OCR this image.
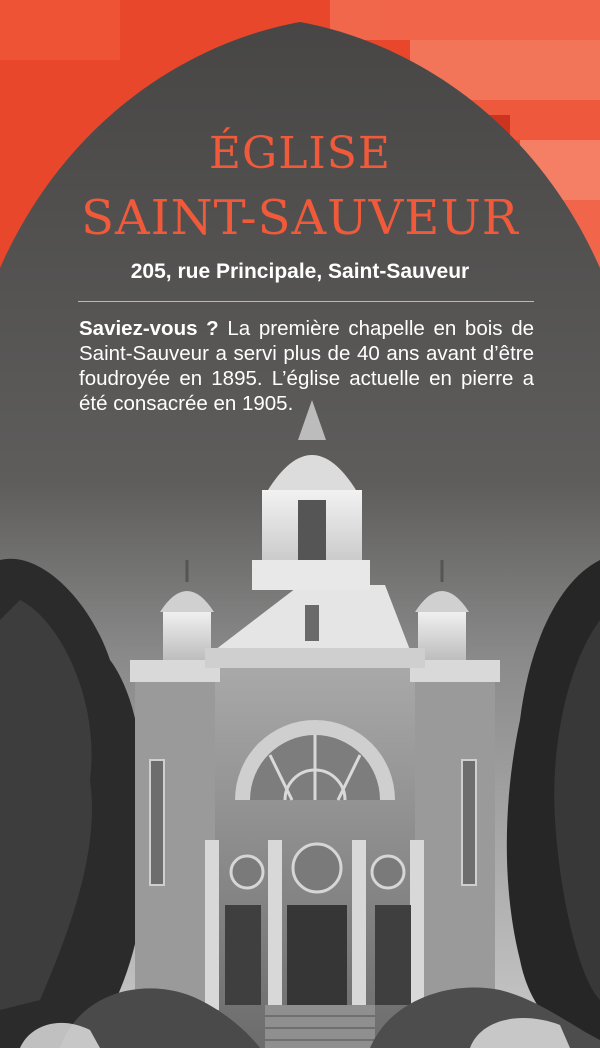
ÉGLISE
SAINT-SAUVEUR
205, rue Principale, Saint-Sauveur
Saviez-vous ? La première chapelle en bois de Saint-Sauveur a servi plus de 40 ans avant d’être foudroyée en 1895. L’église actuelle en pierre a été consacrée en 1905.
